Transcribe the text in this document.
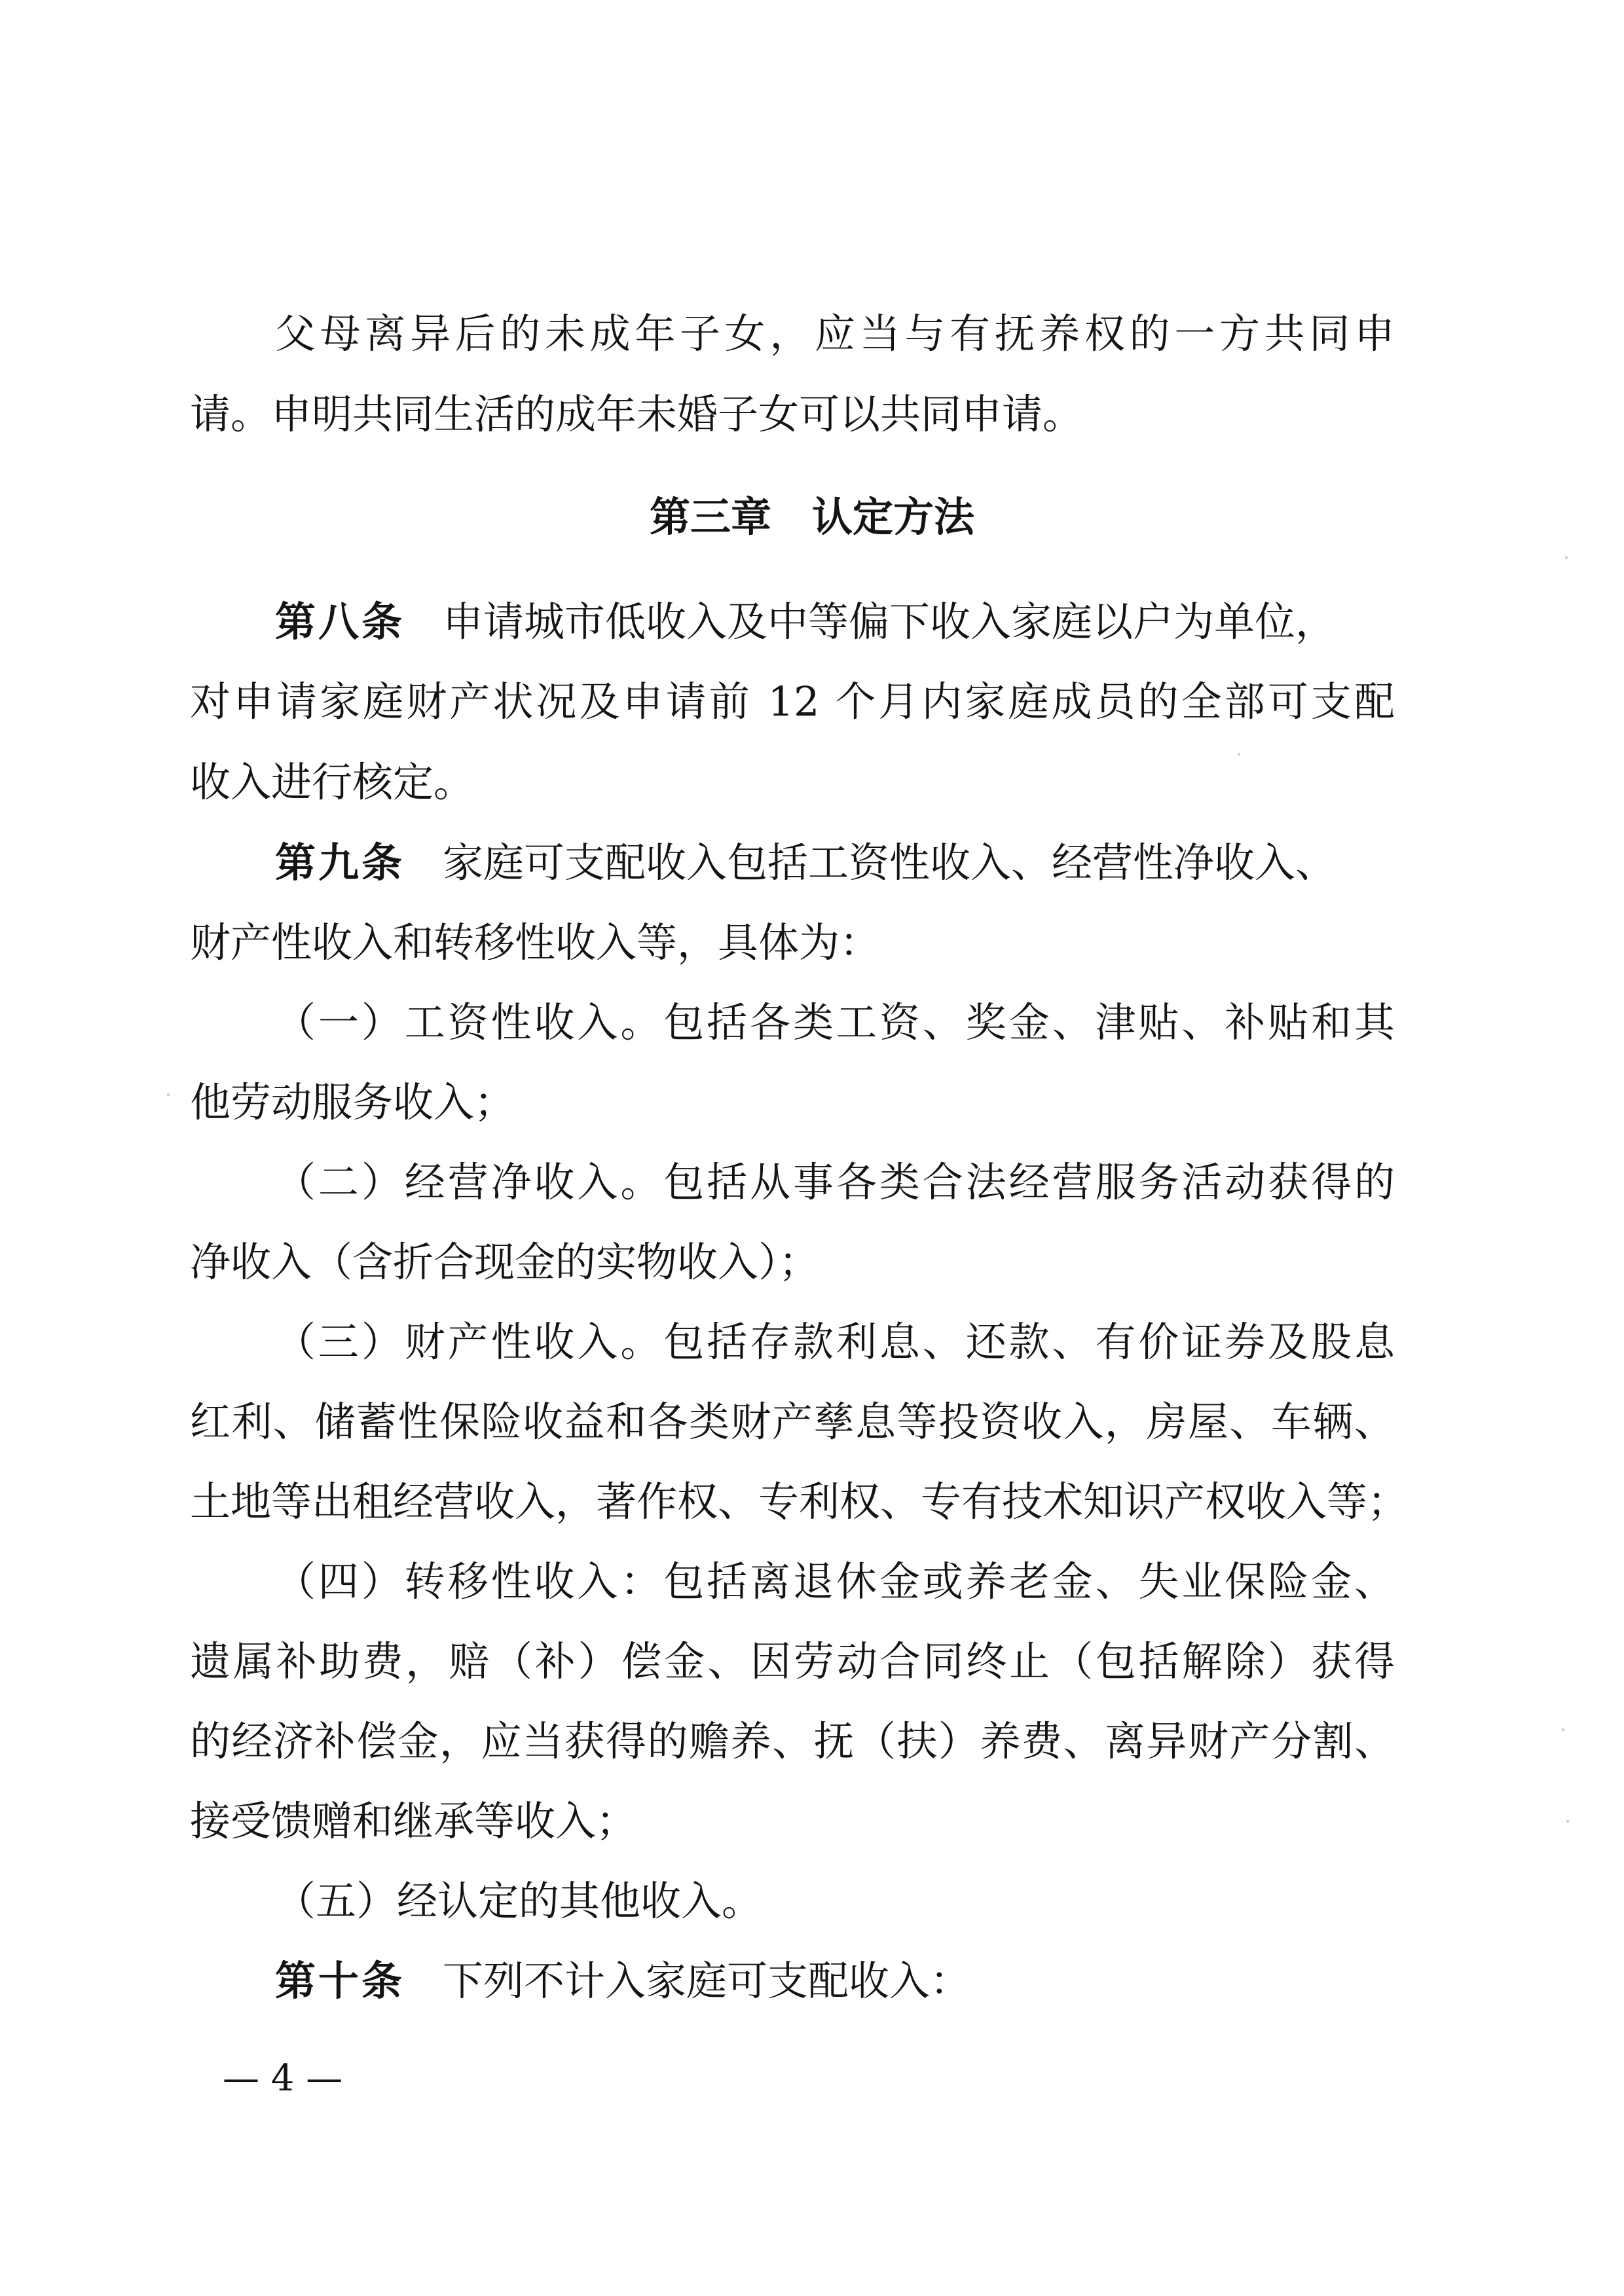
父母离异后的未成年子女，应当与有抚养权的一方共同申
请。申明共同生活的成年未婚子女可以共同申请。
第三章 认定方法
第八条 申请城市低收入及中等偏下收入家庭以户为单位，
对申请家庭财产状况及申请前 12 个月内家庭成员的全部可支配
收入进行核定。
第九条 家庭可支配收入包括工资性收入、经营性净收入、
财产性收入和转移性收入等，具体为：
（一）工资性收入。包括各类工资、奖金、津贴、补贴和其
他劳动服务收入；
（二）经营净收入。包括从事各类合法经营服务活动获得的
净收入（含折合现金的实物收入）；
（三）财产性收入。包括存款利息、还款、有价证券及股息
红利、储蓄性保险收益和各类财产孳息等投资收入，房屋、车辆、
土地等出租经营收入，著作权、专利权、专有技术知识产权收入等；
（四）转移性收入：包括离退休金或养老金、失业保险金、
遗属补助费，赔（补）偿金、因劳动合同终止（包括解除）获得
的经济补偿金，应当获得的赡养、抚（扶）养费、离异财产分割、
接受馈赠和继承等收入；
（五）经认定的其他收入。
第十条 下列不计入家庭可支配收入：
— 4 —
